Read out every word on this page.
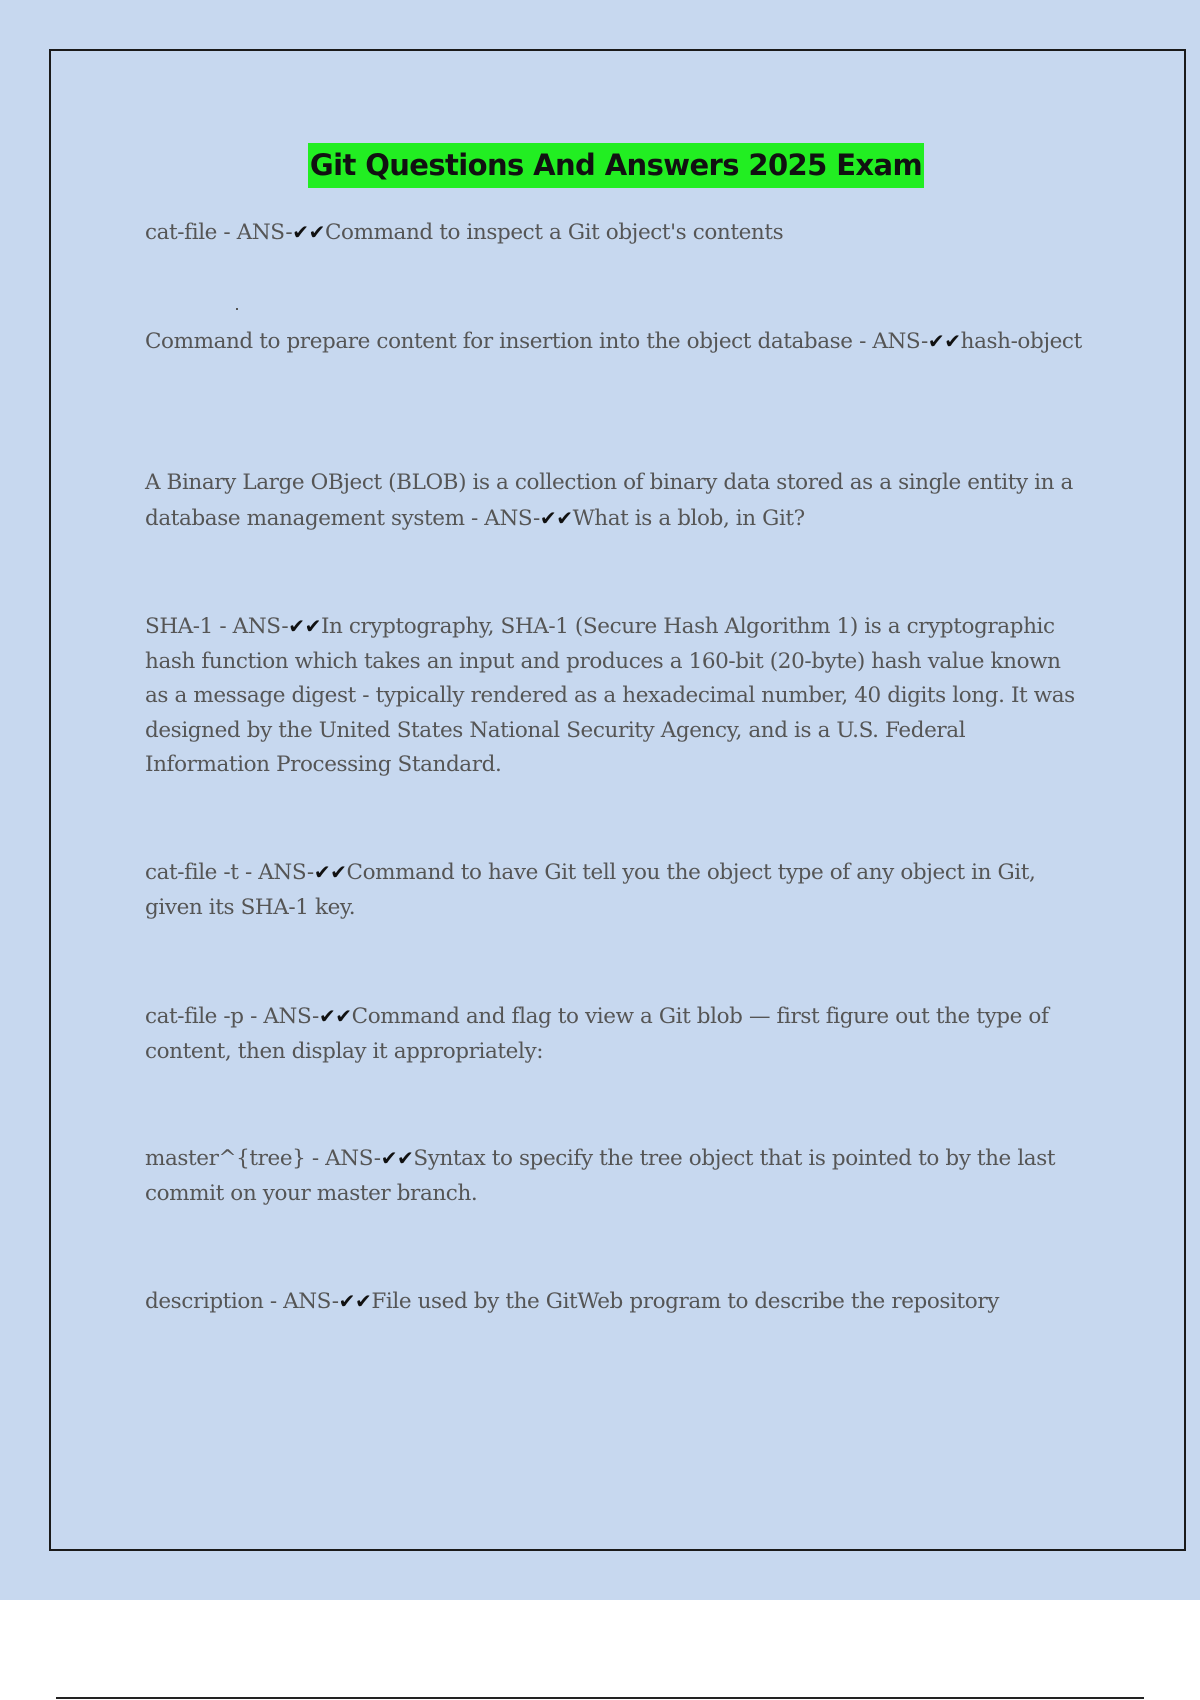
Git Questions And Answers 2025 Exam

cat-file - ANS-✔✔Command to inspect a Git object's contents

Command to prepare content for insertion into the object database - ANS-✔✔hash-object

A Binary Large OBject (BLOB) is a collection of binary data stored as a single entity in a database management system - ANS-✔✔What is a blob, in Git?

SHA-1 - ANS-✔✔In cryptography, SHA-1 (Secure Hash Algorithm 1) is a cryptographic hash function which takes an input and produces a 160-bit (20-byte) hash value known as a message digest - typically rendered as a hexadecimal number, 40 digits long. It was designed by the United States National Security Agency, and is a U.S. Federal Information Processing Standard.

cat-file -t - ANS-✔✔Command to have Git tell you the object type of any object in Git, given its SHA-1 key.

cat-file -p - ANS-✔✔Command and flag to view a Git blob — first figure out the type of content, then display it appropriately:

master^{tree} - ANS-✔✔Syntax to specify the tree object that is pointed to by the last commit on your master branch.

description - ANS-✔✔File used by the GitWeb program to describe the repository
